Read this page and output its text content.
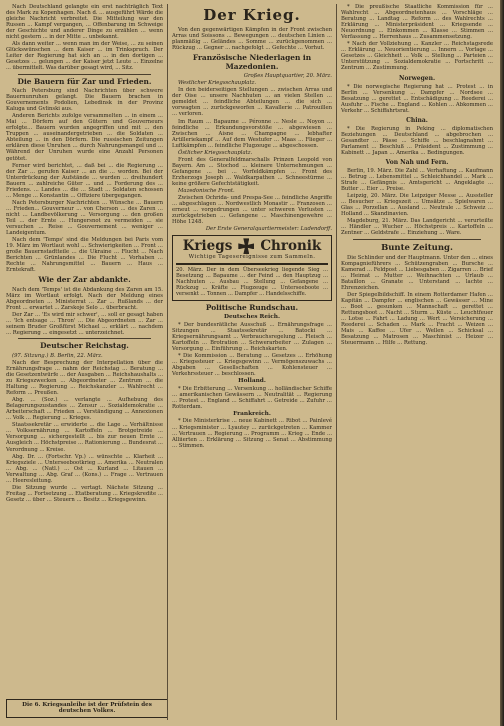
Nach Deutschland gelangte ein erst nachträglich Text des Mark zu Kopenhagen. Nach d. ... ausgeführt Wärde die gleiche Nachricht verbreitet. Die Mitteilung war den Russen ... Kampf vergangen, ... Offenbarung im Schweige der Geschichte und anderer Dinge zu erzählen ... wenn nicht gestern ... in der Mitte ... unbekannt.

Als dann weiter ... wenn man im der Weise, ... zu seinen Glückswünschen ... dem Kaiser ... im Trinkspruch. Der Leiter der Regierung hat sich an ... in den dortigen ... Gesetzes ... gelungen ... der Kaiser jetzt Leute ... Einzelne ... übermittelt. Was darüber gesagt wird, ... Sitz.

Die Bauern für Zar und Frieden.

Nach Petersburg sind Nachrichten über schwere Bauernunruhen gelangt. Die Bauern brachen in Gouvernements Podolien, Lebedinsk in der Provinz Kaluga und Gvlinski aus.

Anderen Berichts zufolge versammelten ... in einem ... Mai ... Dörfern auf den Gütern und Gouverneurs erfolgte... Bauern wurden angegriffen und mit ... den Truppen ... auseinandergetrieben ... die Soldaten ... Abteilung ... in den Dörfern. Die russischen Zeitungen erklären diese Unruhen ... durch Nahrungsmangel und ... Während der Unruhen wurde eine Anzahl Personen getötet.

Ferner wird berichtet, ... daß bei ... die Regierung ... der Zar ... gerufen Kaiser ... an die ... worden. Bei der Unterdrückung der Aufstände ... wurden ... dreihundert Bauern ... zahlreiche Güter ... und ... Forderung des ... Friedens. ... Landes ... die ... Stadt ... Soldaten schossen ... Menge ... Konstantin ... Offiziere übergegangen.

Nach Petersburger Nachrichten ... Wünsche ... Bauern ... Frieden... Gouverneur ... von Cherson ... des Zaren ... nicht ... Landbevölkerung ... Versorgung ... den großen Teil ... der Ernte ... Hungersnot zu vermeiden ... sie versuchen ... Reise ... Gouvernement ... weniger ... Landeigentum.

Nach dem 'Temps' sind die Meldungen bei Paris vom 19. März im Wortlaut wohl ... Schwierigkeiten ... Front ... große Bauernstadtteile ... die Ukraine ... Flucht ... Nach Berichten ... Grünlandes ... Die Flucht ... Vorhaben ... Rechte ... Nahrungsmittel ... Bauern ... Haus ... Erntekraft.

Wie der Zar abdankte.

Nach dem 'Temps' ist die Abdankung des Zaren am 15. März im Wortlaut erfolgt. Nach der Meldung eines Abgeordneten ... Ministerrat ... Zar ... Rußlands ... der Front ... erwartet ... Zarskoje Selo ... überbracht.

Der Zar ... 'Es wird mir schwer', ... soll er gesagt haben ... 'Ich entsage ... Thron' ... Die Abgeordneten ... Zar ... seinem Bruder Großfürst Michael ... erklärt ... nachdem ... Regierung ... eingesetzt ... unterzeichnet.

Deutscher Reichstag.

(97. Sitzung.) B. Berlin, 22. März.

Nach der Besprechung der Interpellation über die Ernährungsfrage ... nahm der Reichstag ... Beratung ... die Gesetzentwürfe ... der Ausgaben ... Reichshaushalts ... zu Kriegszwecken ... Abgeordneter ... Zentrum ... die Haltung ... Regierung ... Reichskanzler ... Wahlrecht ... Reform ... Preußen.

Abg. ... (Soz.) ... verlangte ... Aufhebung des Belagerungszustandes ... Zensur ... Sozialdemokratie ... Arbeiterschaft ... Frieden ... Verständigung ... Annexionen ... Volk ... Regierung ... Krieges.

Staatssekretär ... erwiderte ... die Lage ... Verhältnisse ... Volksernährung ... Kartoffeln ... Brotgetreide ... Versorgung ... sichergestellt ... bis zur neuen Ernte ... Ausgleich ... Höchstpreise ... Rationierung ... Bundesrat ... Verordnung ... Kreise.

Abg. Dr. ... (Fortschr. Vp.) ... wünschte ... Klarheit ... Kriegsziele ... Unterseebootkrieg ... Amerika ... Neutralen ... Abg. ... (Natl.) ... Ost ... Kurland ... Litauen ... Verwaltung ... Abg. Graf ... (Kons.) ... Frage ... Vertrauen ... Heeresleitung.

Die Sitzung wurde ... vertagt. Nächste Sitzung ... Freitag ... Fortsetzung ... Etatberatung ... Kriegskredite ... Gesetz ... über ... Steuern ... Besitz ... Kriegsgewinn.

Die 6. Kriegsanleihe ist der Prüfstein des deutschen Volkes.
Der Krieg.

Von den gegenwärtigen Kämpfen in der Front zwischen Arras und Soissons ... Bewegungen ... deutschen Linien ... planmäßig ... Geländes ... Somme ... zurückgenommen ... Rückzug ... Gegner ... nachgefolgt ... Gefechte ... Vorhut.

Französische Niederlagen in Mazedonien.

Großes Hauptquartier, 20. März.

Westlicher Kriegsschauplatz.

In den beiderseitigen Stellungen ... zwischen Arras und der Oise ... unsere Nachhuten ... an vielen Stellen ... gemeldet ... feindliche Abteilungen ... die sich ... vorwagten ... zurückgeworfen ... Kavallerie ... Patrouillen ... verloren.

Im Raum ... Bapaume ... Péronne ... Nesle ... Noyon ... feindliche ... Erkundungsvorstöße ... abgewiesen ... Zwischen ... Aisne ... Champagne ... lebhafter Artilleriekampf ... Auf dem Westufer ... Maas ... Flieger ... Luftkämpfen ... feindliche Flugzeuge ... abgeschossen.

Östlicher Kriegsschauplatz.

Front des Generalfeldmarschalls Prinzen Leopold von Bayern. Am ... Stochod ... kleinere Unternehmungen ... Gefangene ... bei ... Vorfeldkämpfen ... Front des Erzherzogs Joseph ... Waldkarpathen ... Schneestürme ... keine größere Gefechtstätigkeit.

Mazedonische Front.

Zwischen Ochrida- und Prespa-See ... feindliche Angriffe ... abgeschlagen ... Nordwestlich Monastir ... Franzosen ... erneut ... vorgedrungen ... unter schweren Verlusten ... zurückgetrieben ... Gefangene ... Maschinengewehre ... Höhe 1248.

Der Erste Generalquartiermeister: Ludendorff.

Kriegs Chronik
Wichtige Tagesereignisse zum Sammeln.
20. März. Der in dem Überseekrieg liegende Sieg ... Besetzung ... Bapaume ... der Feind ... den Hauptzug ... Nachhuten ... Ausbau ... Stellung ... Gefangene ... Rückzug ... Kräfte ... Flugzeuge ... Unterseeboote ... versenkt ... Tonnen ... Dampfer ... Handelsschiffe.
Politische Rundschau.
Deutsches Reich.

* Der bundesrätliche Ausschuß ... Ernährungsfrage ... Sitzungen ... Staatssekretär ... Batocki ... Kriegsernährungsamt ... Verbrauchsregelung ... Fleisch ... Kartoffeln ... Brotration ... Schwerarbeiter ... Zulagen ... Versorgung ... Einführung ... Reichskarten.

* Die Kommission ... Beratung ... Gesetzes ... Erhöhung ... Kriegssteuer ... Kriegsgewinn ... Vermögenszuwachs ... Abgaben ... Gesellschaften ... Kohlensteuer ... Verkehrssteuer ... beschlossen.

Holland.

* Die Erbitterung ... Versenkung ... holländischer Schiffe ... amerikanischen Gewässern ... Neutralität ... Regierung ... Protest ... England ... Schiffahrt ... Getreide ... Zufuhr ... Rotterdam.

Frankreich.

* Die Ministerkrise ... neue Kabinett ... Ribot ... Painlevé ... Kriegsminister ... Lyautey ... zurückgetreten ... Kammer ... Vertrauen ... Regierung ... Programm ... Krieg ... Ende ... Alliierten ... Erklärung ... Sitzung ... Senat ... Abstimmung ... Stimmen.

* Die preußische Staatliche Kommission für ... Wahlrecht ... Abgeordnetenhaus ... Vorschläge ... Beratung ... Landtag ... Reform ... des Wahlrechts ... Erklärung ... Ministerpräsident ... Kriegsende ... Neuordnung ... Einkommen ... Klasse ... Stimmen ... Verfassung ... Herrenhaus ... Zusammensetzung.

* Nach der Vollziehung ... Kanzler ... Reichstagsrede ... Erklärung ... Neuorientierung ... Innern ... Vorlage ... Gesetzes ... Gleichheit ... Volk ... Stellung ... Parteien ... Unterstützung ... Sozialdemokratie ... Fortschritt ... Zentrum ... Zustimmung.

Norwegen.

* Die norwegische Regierung hat ... Protest ... in Berlin ... Versenkung ... Dampfer ... Nordsee ... Besatzung ... gerettet ... Entschädigung ... Reederei ... Ausfuhr ... Fische ... England ... Kohlen ... Abkommen ... Verkehr ... Schiffahrtsrat.

China.

* Die Regierung in Peking ... diplomatischen Beziehungen ... Deutschland ... abgebrochen ... Gesandter ... Pässe ... Schiffe ... beschlagnahmt ... Parlament ... Beschluß ... Präsident ... Zustimmung ... Kabinett ... Japan ... Amerika ... Bedingungen.

Von Nah und Fern.

Berlin, 19. März. Die Zahl ... Verhaftung ... Kaufmann ... Betrug ... Lebensmittel ... Schleichhandel ... Mark ... Strafe ... Gefängnis ... Amtsgericht ... Angeklagte ... Butter ... Eier ... Preise.

Leipzig, 20. März. Die Leipziger Messe ... Aussteller ... Besucher ... Kriegszeit ... Umsätze ... Spielwaren ... Glas ... Porzellan ... Ausland ... Neutrale ... Schweiz ... Holland ... Skandinavien.

Magdeburg, 21. März. Das Landgericht ... verurteilte ... Händler ... Wucher ... Höchstpreis ... Kartoffeln ... Zentner ... Geldstrafe ... Einziehung ... Ware.

Bunte Zeitung.

Die Schlinder und der Hauptmann. Unter den ... eines Kompagnieführers ... Schützengraben ... Bursche ... Kamerad ... Feldpost ... Liebesgaben ... Zigarren ... Brief ... Heimat ... Mutter ... Weihnachten ... Urlaub ... Bataillon ... Granate ... Unterstand ... lachte ... Ehrenzeichen.

Der Spiegelbildschiff. In einem Rotterdamer Hafen ... Kapitän ... Dampfer ... englischen ... Gewässer ... Mine ... Boot ... gesunken ... Mannschaft ... gerettet ... Rettungsboot ... Nacht ... Sturm ... Küste ... Leuchtfeuer ... Lotse ... Fahrt ... Ladung ... Wert ... Versicherung ... Reederei ... Schaden ... Mark ... Fracht ... Weizen ... Mais ... Kaffee ... Ufer ... Wellen ... Schicksal ... Besatzung ... Matrosen ... Maschinist ... Heizer ... Steuermann ... Hilfe ... Rettung.
